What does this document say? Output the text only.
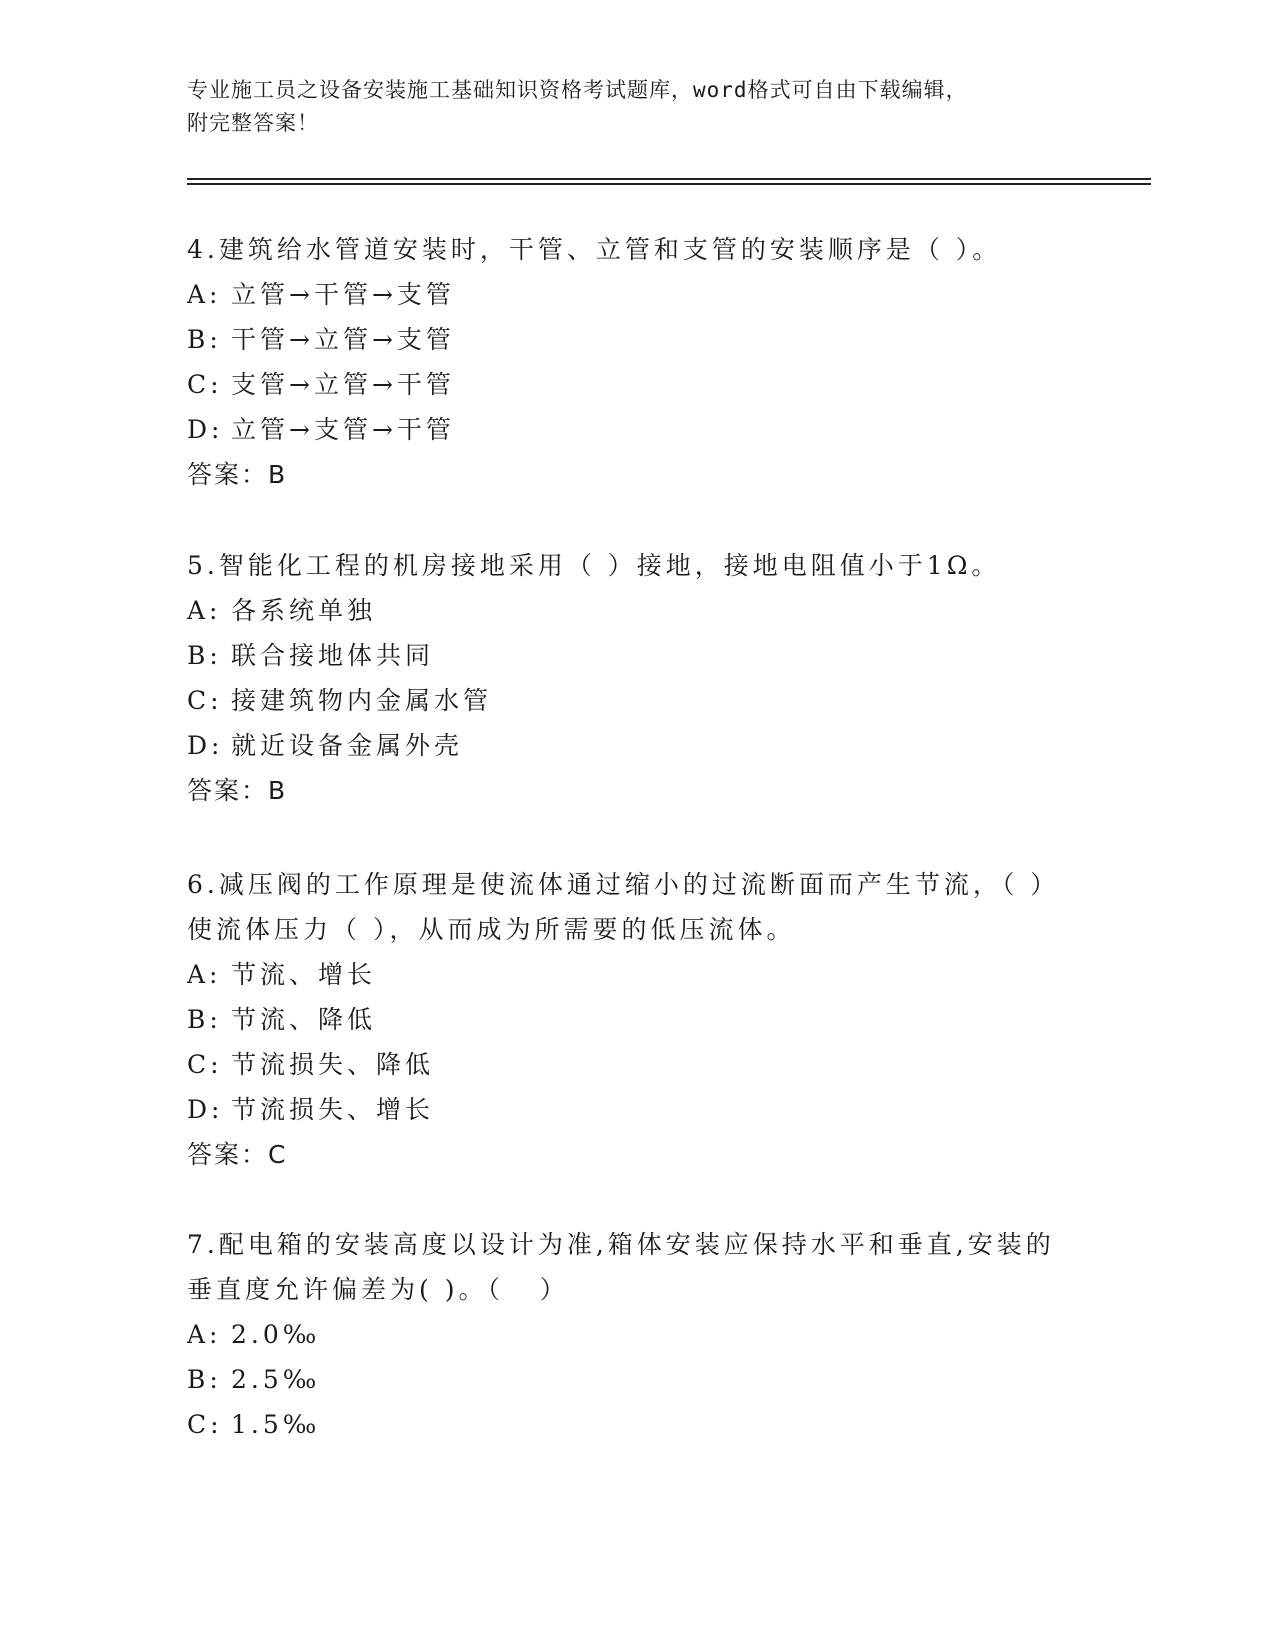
专业施工员之设备安装施工基础知识资格考试题库，word格式可自由下载编辑，
附完整答案！
4.建筑给水管道安装时，干管、立管和支管的安装顺序是（ ）。
A: 立管→干管→支管
B: 干管→立管→支管
C: 支管→立管→干管
D: 立管→支管→干管
答案：B
5.智能化工程的机房接地采用（ ）接地，接地电阻值小于1Ω。
A: 各系统单独
B: 联合接地体共同
C: 接建筑物内金属水管
D: 就近设备金属外壳
答案：B
6.减压阀的工作原理是使流体通过缩小的过流断面而产生节流，（ ）
使流体压力（ ），从而成为所需要的低压流体。
A: 节流、增长
B: 节流、降低
C: 节流损失、降低
D: 节流损失、增长
答案：C
7.配电箱的安装高度以设计为准,箱体安装应保持水平和垂直,安装的
垂直度允许偏差为( )。（   ）
A: 2.0‰
B: 2.5‰
C: 1.5‰
